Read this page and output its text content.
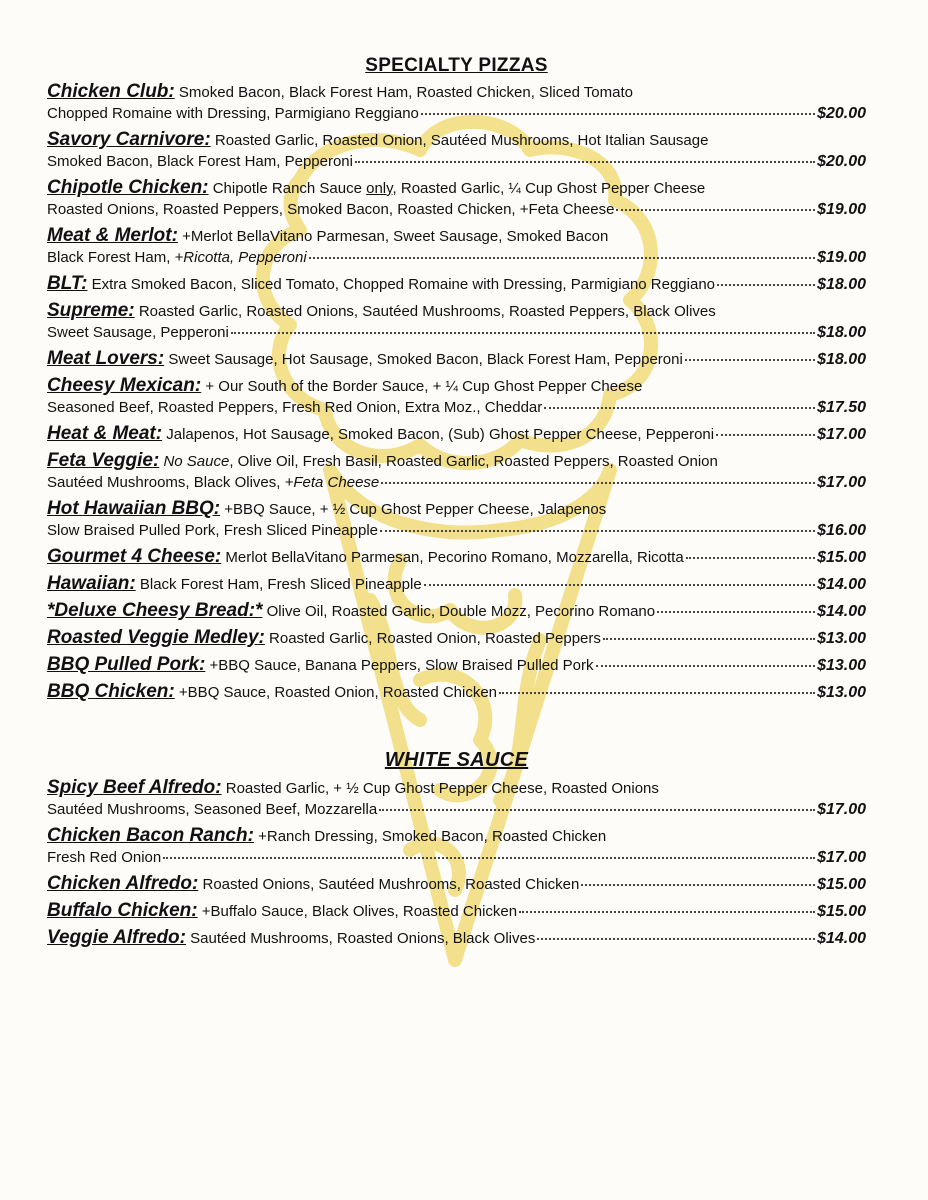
SPECIALTY PIZZAS
Chicken Club: Smoked Bacon, Black Forest Ham, Roasted Chicken, Sliced Tomato
Chopped Romaine with Dressing, Parmigiano Reggiano	$20.00
Savory Carnivore: Roasted Garlic, Roasted Onion, Sautéed Mushrooms, Hot Italian Sausage
Smoked Bacon, Black Forest Ham, Pepperoni	$20.00
Chipotle Chicken: Chipotle Ranch Sauce only, Roasted Garlic, ¼ Cup Ghost Pepper Cheese
Roasted Onions, Roasted Peppers, Smoked Bacon, Roasted Chicken, +Feta Cheese	$19.00
Meat & Merlot: +Merlot BellaVitano Parmesan, Sweet Sausage, Smoked Bacon
Black Forest Ham, +Ricotta, Pepperoni	$19.00
BLT: Extra Smoked Bacon, Sliced Tomato, Chopped Romaine with Dressing, Parmigiano Reggiano	$18.00
Supreme: Roasted Garlic, Roasted Onions, Sautéed Mushrooms, Roasted Peppers, Black Olives
Sweet Sausage, Pepperoni	$18.00
Meat Lovers: Sweet Sausage, Hot Sausage, Smoked Bacon, Black Forest Ham, Pepperoni	$18.00
Cheesy Mexican: + Our South of the Border Sauce, + ¼ Cup Ghost Pepper Cheese
Seasoned Beef, Roasted Peppers, Fresh Red Onion, Extra Moz., Cheddar	$17.50
Heat & Meat: Jalapenos, Hot Sausage, Smoked Bacon, (Sub) Ghost Pepper Cheese, Pepperoni	$17.00
Feta Veggie: No Sauce, Olive Oil, Fresh Basil, Roasted Garlic, Roasted Peppers, Roasted Onion
Sautéed Mushrooms, Black Olives, +Feta Cheese	$17.00
Hot Hawaiian BBQ: +BBQ Sauce, + ½ Cup Ghost Pepper Cheese, Jalapenos
Slow Braised Pulled Pork, Fresh Sliced Pineapple	$16.00
Gourmet 4 Cheese: Merlot BellaVitano Parmesan, Pecorino Romano, Mozzarella, Ricotta	$15.00
Hawaiian: Black Forest Ham, Fresh Sliced Pineapple	$14.00
*Deluxe Cheesy Bread:* Olive Oil, Roasted Garlic, Double Mozz, Pecorino Romano	$14.00
Roasted Veggie Medley: Roasted Garlic, Roasted Onion, Roasted Peppers	$13.00
BBQ Pulled Pork: +BBQ Sauce, Banana Peppers, Slow Braised Pulled Pork	$13.00
BBQ Chicken: +BBQ Sauce, Roasted Onion, Roasted Chicken	$13.00
WHITE SAUCE
Spicy Beef Alfredo: Roasted Garlic, + ½ Cup Ghost Pepper Cheese, Roasted Onions
Sautéed Mushrooms, Seasoned Beef, Mozzarella	$17.00
Chicken Bacon Ranch: +Ranch Dressing, Smoked Bacon, Roasted Chicken
Fresh Red Onion	$17.00
Chicken Alfredo: Roasted Onions, Sautéed Mushrooms, Roasted Chicken	$15.00
Buffalo Chicken: +Buffalo Sauce, Black Olives, Roasted Chicken	$15.00
Veggie Alfredo: Sautéed Mushrooms, Roasted Onions, Black Olives	$14.00
